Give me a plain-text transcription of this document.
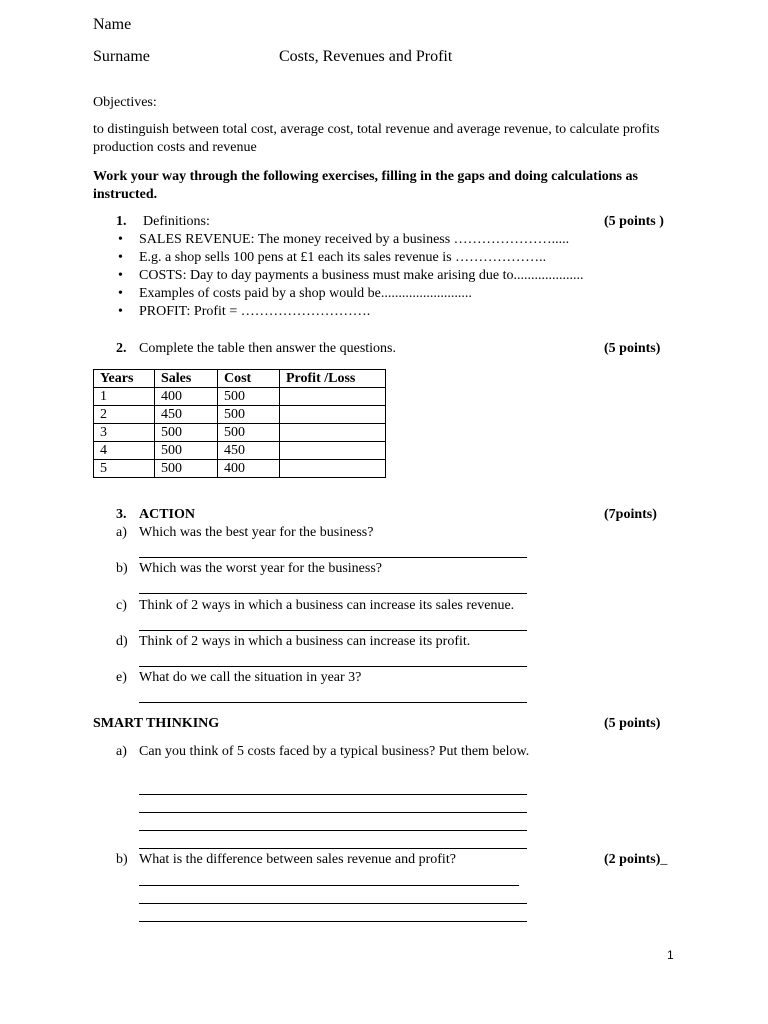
Name
Surname	Costs, Revenues and Profit
Objectives:
to distinguish between total cost, average cost, total revenue and average revenue, to calculate profits production costs and revenue
Work your way through the following exercises, filling in the gaps and doing calculations as instructed.
1. Definitions:	(5 points )
• SALES REVENUE: The money received by a business ………………….....
• E.g. a shop sells 100 pens at £1 each its sales revenue is ………………..
• COSTS: Day to day payments a business must make arising due to....................
• Examples of costs paid by a shop would be..........................
• PROFIT: Profit = ……………………….
2. Complete the table then answer the questions.	(5 points)
Years	Sales	Cost	Profit /Loss
1	400	500	
2	450	500	
3	500	500	
4	500	450	
5	500	400	
3. ACTION	(7points)
a) Which was the best year for the business?
b) Which was the worst year for the business?
c) Think of 2 ways in which a business can increase its sales revenue.
d) Think of 2 ways in which a business can increase its profit.
e) What do we call the situation in year 3?
SMART THINKING	(5 points)
a) Can you think of 5 costs faced by a typical business? Put them below.
b) What is the difference between sales revenue and profit?	(2 points)_
1
